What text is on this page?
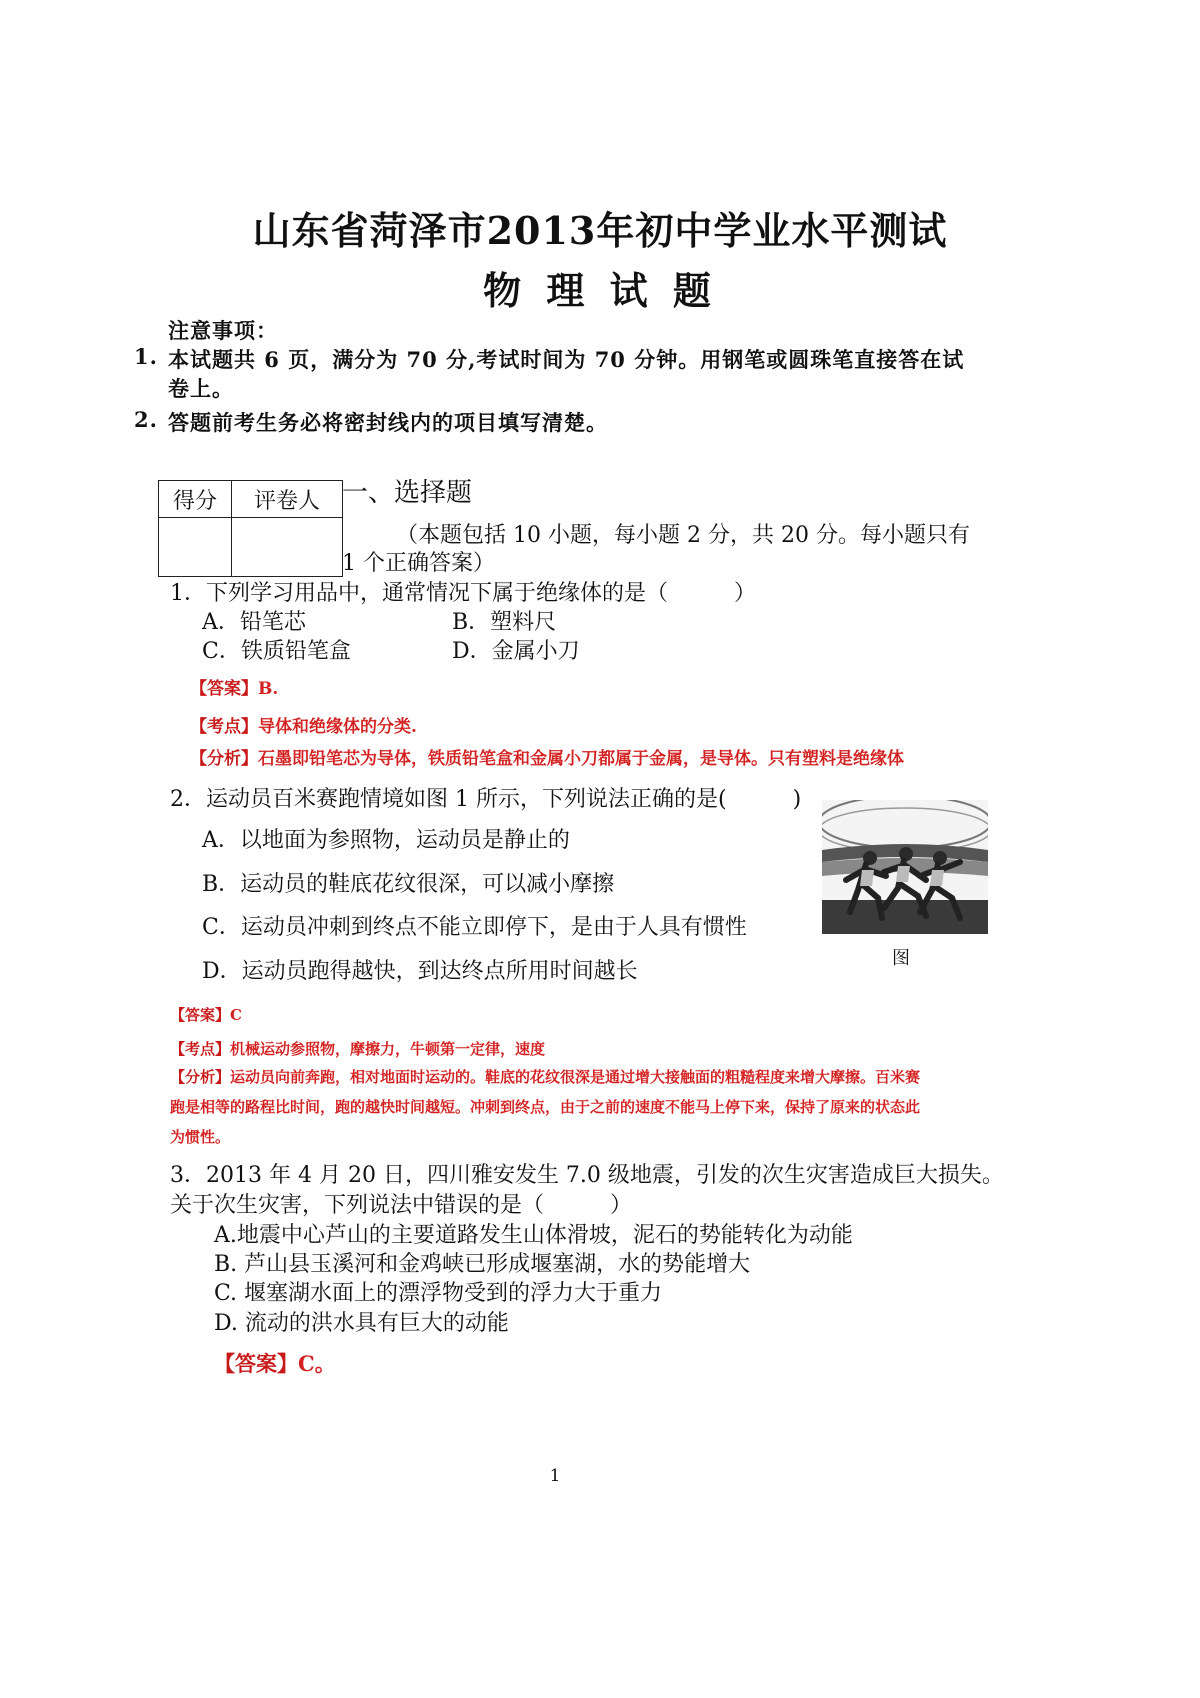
山东省菏泽市2013年初中学业水平测试
物 理 试 题
注意事项：
1. 本试题共 6 页，满分为 70 分,考试时间为 70 分钟。用钢笔或圆珠笔直接答在试
卷上。
2. 答题前考生务必将密封线内的项目填写清楚。
得分	评卷人
	一、选择题
（本题包括 10 小题，每小题 2 分，共 20 分。每小题只有
1 个正确答案）
1．下列学习用品中，通常情况下属于绝缘体的是（　　　）
A．铅笔芯	B．塑料尺
C．铁质铅笔盒	D．金属小刀
【答案】B.
【考点】导体和绝缘体的分类.
【分析】石墨即铅笔芯为导体，铁质铅笔盒和金属小刀都属于金属，是导体。只有塑料是绝缘体
2．运动员百米赛跑情境如图 1 所示，下列说法正确的是(　　　)
A．以地面为参照物，运动员是静止的
B．运动员的鞋底花纹很深，可以减小摩擦
C．运动员冲刺到终点不能立即停下，是由于人具有惯性
D．运动员跑得越快，到达终点所用时间越长
图
【答案】C
【考点】机械运动参照物，摩擦力，牛顿第一定律，速度
【分析】运动员向前奔跑，相对地面时运动的。鞋底的花纹很深是通过增大接触面的粗糙程度来增大摩擦。百米赛
跑是相等的路程比时间，跑的越快时间越短。冲刺到终点，由于之前的速度不能马上停下来，保持了原来的状态此
为惯性。
3．2013 年 4 月 20 日，四川雅安发生 7.0 级地震，引发的次生灾害造成巨大损失。
关于次生灾害，下列说法中错误的是（　　　）
A.地震中心芦山的主要道路发生山体滑坡，泥石的势能转化为动能
B. 芦山县玉溪河和金鸡峡已形成堰塞湖，水的势能增大
C. 堰塞湖水面上的漂浮物受到的浮力大于重力
D. 流动的洪水具有巨大的动能
【答案】C。
1
